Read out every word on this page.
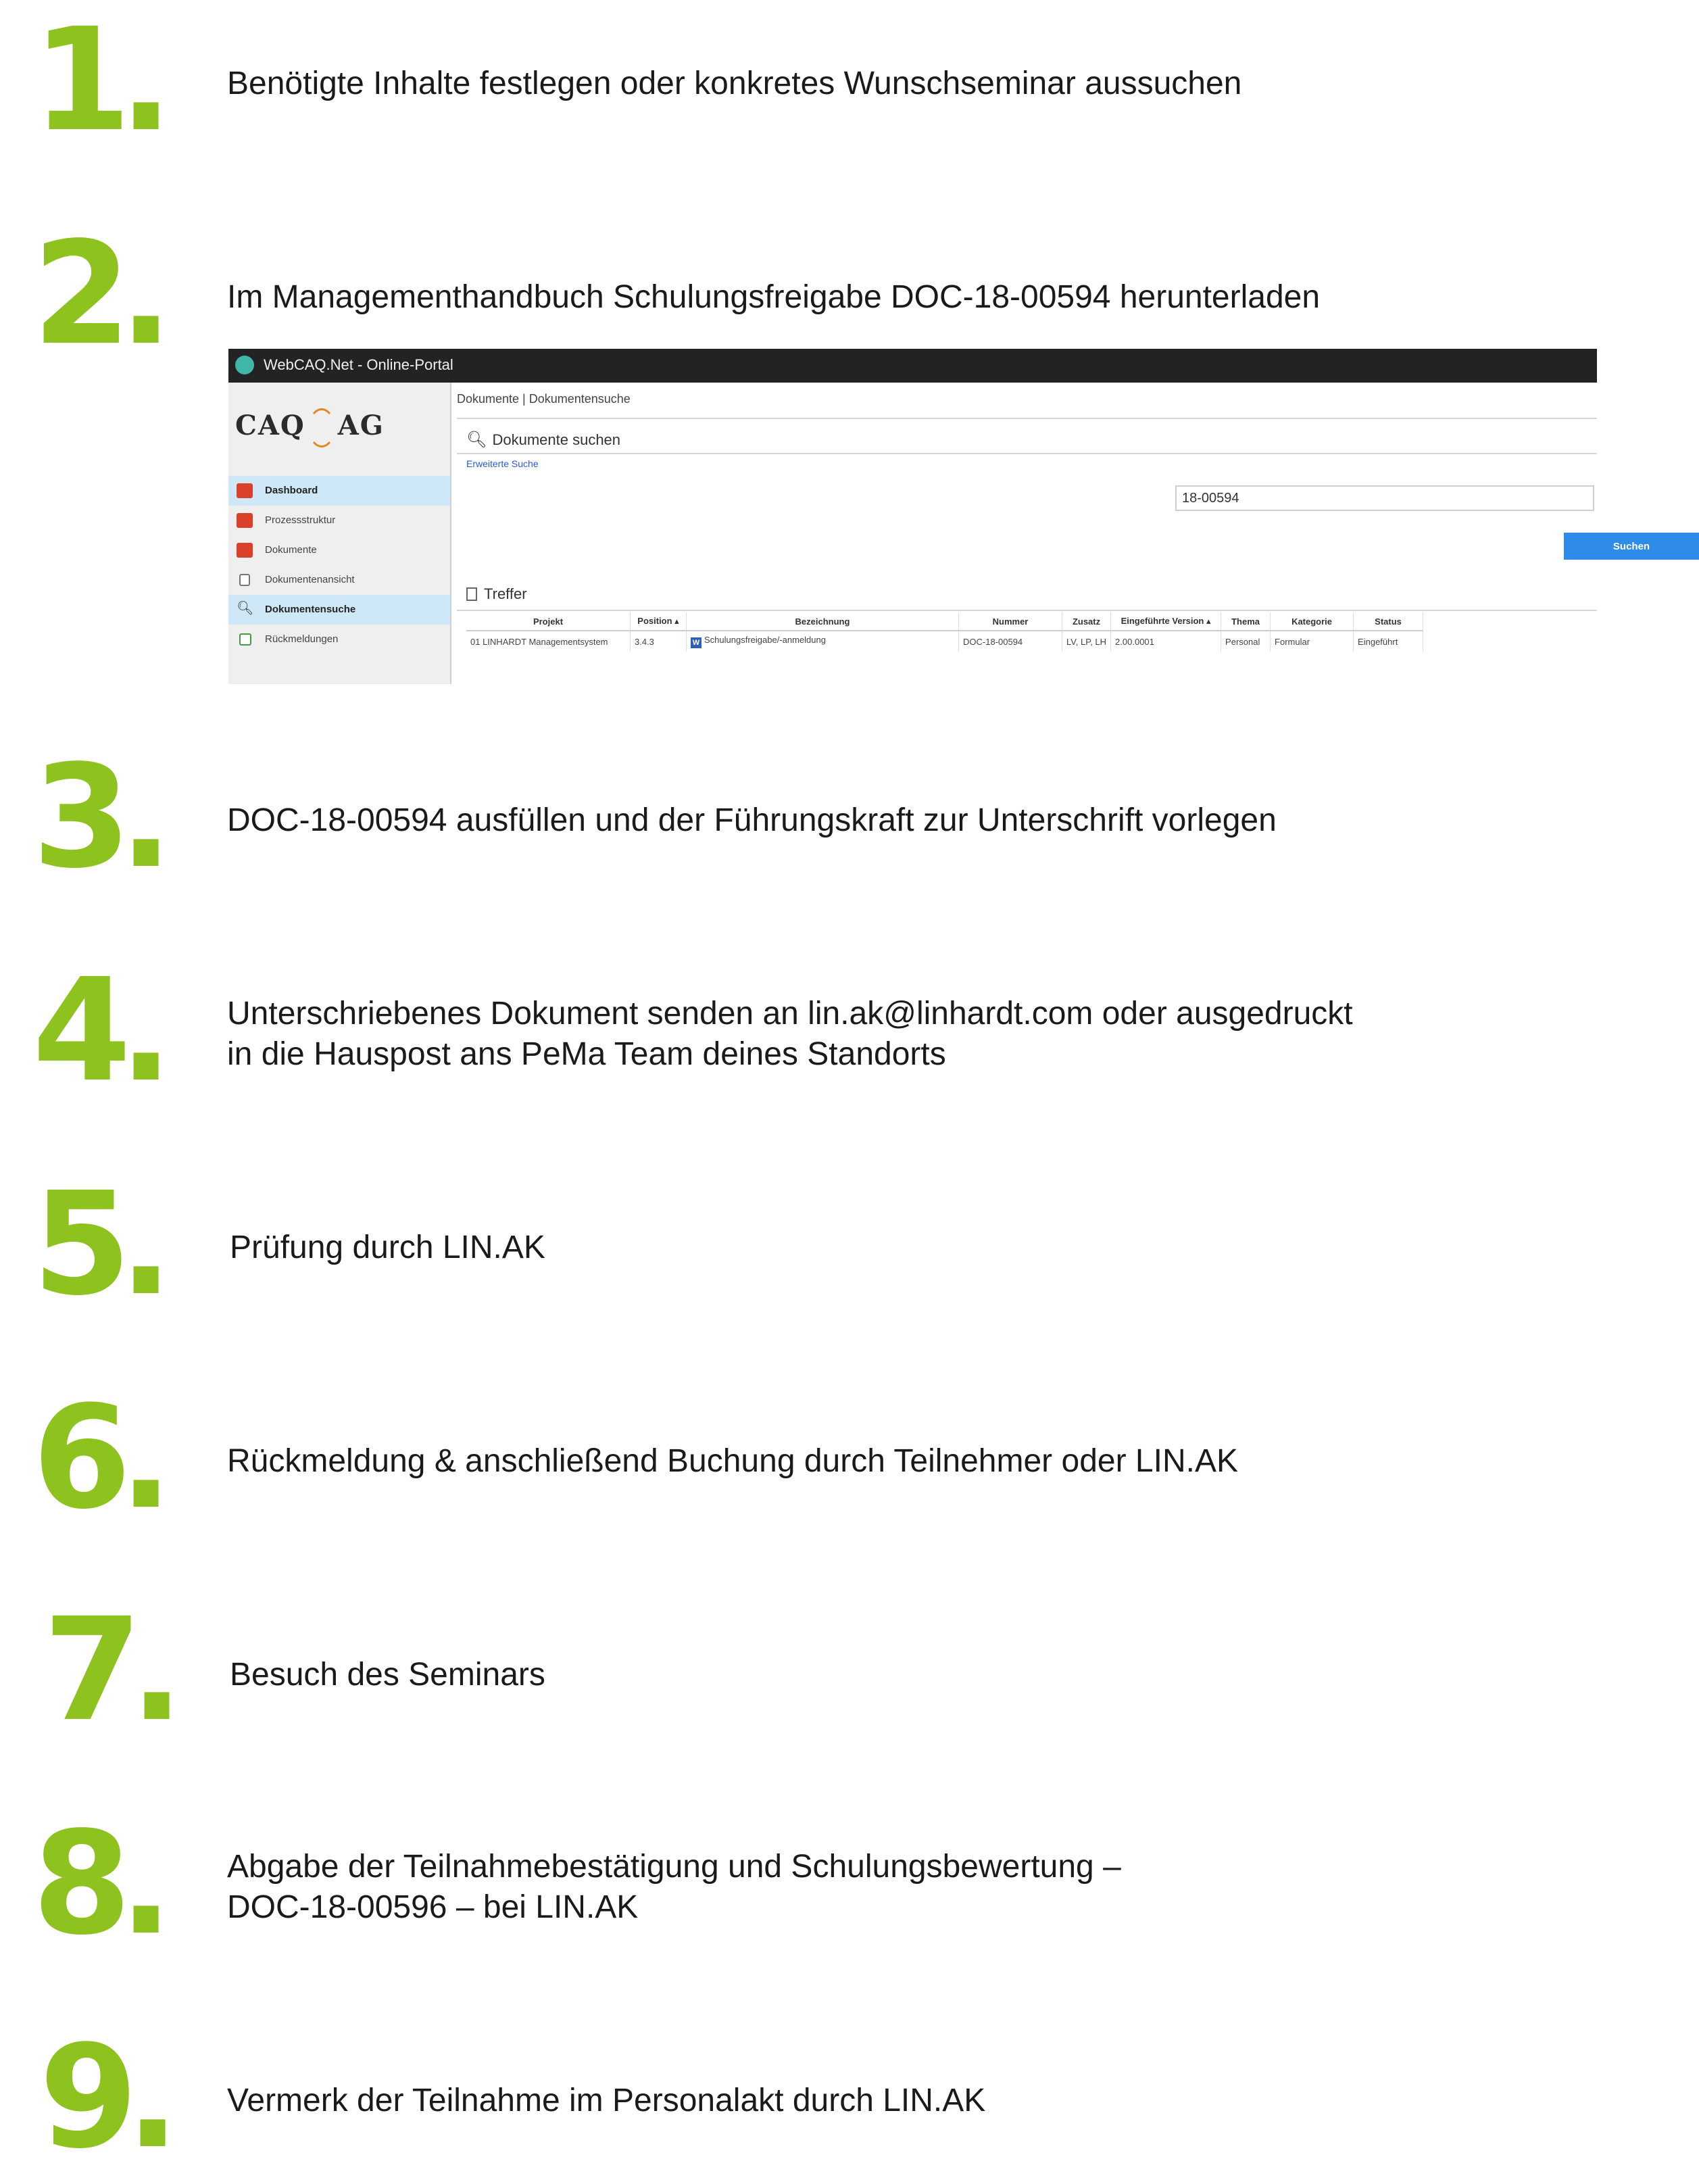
1. Benötigte Inhalte festlegen oder konkretes Wunschseminar aussuchen
2. Im Managementhandbuch Schulungsfreigabe DOC-18-00594 herunterladen
WebCAQ.Net - Online-Portal
CAQ AG
Dashboard
Prozessstruktur
Dokumente
Dokumentenansicht
🔍︎ Dokumentensuche
Rückmeldungen
Dokumente | Dokumentensuche
🔍︎ Dokumente suchen
Erweiterte Suche
18-00594
Suchen
Treffer
Projekt	Position ▴	Bezeichnung	Nummer	Zusatz	Eingeführte Version ▴	Thema	Kategorie	Status
01 LINHARDT Managementsystem	3.4.3	W Schulungsfreigabe/-anmeldung	DOC-18-00594	LV, LP, LH	2.00.0001	Personal	Formular	Eingeführt
3. DOC-18-00594 ausfüllen und der Führungskraft zur Unterschrift vorlegen
4. Unterschriebenes Dokument senden an lin.ak@linhardt.com oder ausgedruckt
in die Hauspost ans PeMa Team deines Standorts
5. Prüfung durch LIN.AK
6. Rückmeldung & anschließend Buchung durch Teilnehmer oder LIN.AK
7. Besuch des Seminars
8. Abgabe der Teilnahmebestätigung und Schulungsbewertung –
DOC-18-00596 – bei LIN.AK
9. Vermerk der Teilnahme im Personalakt durch LIN.AK
